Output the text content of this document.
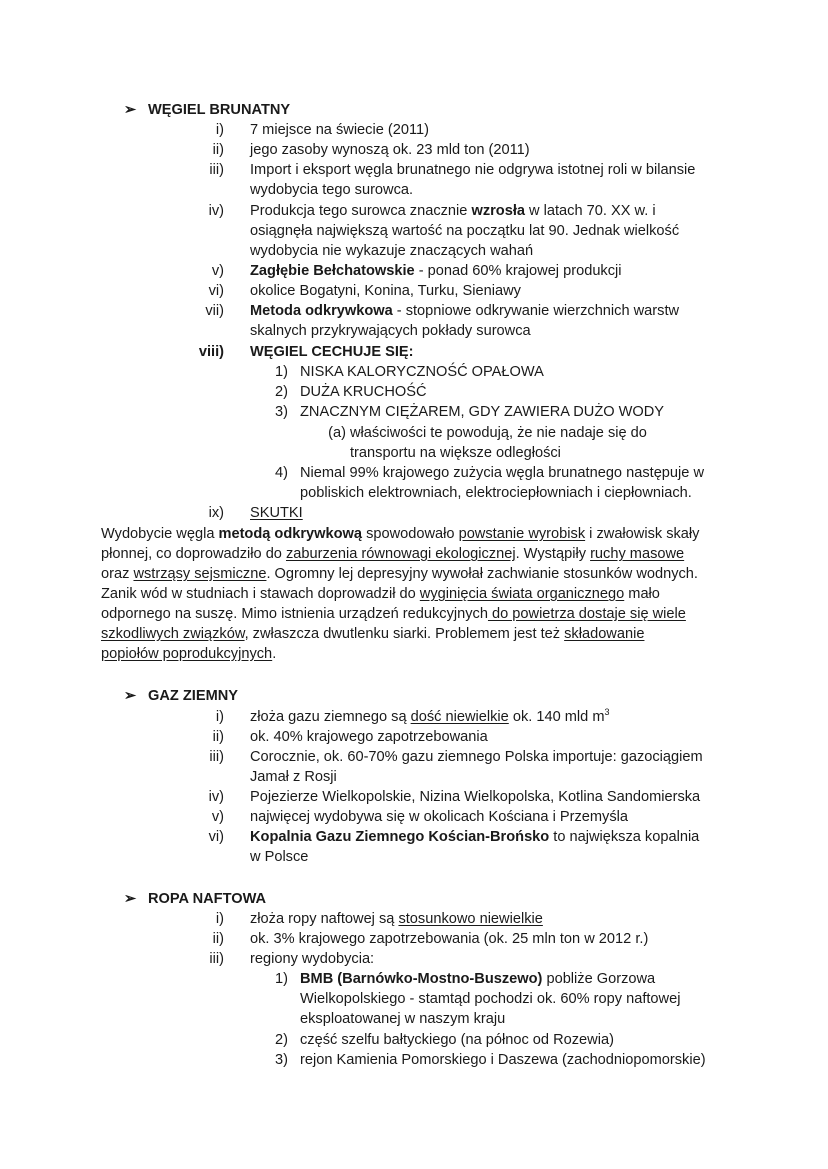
➢ WĘGIEL BRUNATNY
i) 7 miejsce na świecie (2011)
ii) jego zasoby wynoszą ok. 23 mld ton (2011)
iii) Import i eksport węgla brunatnego nie odgrywa istotnej roli w bilansie
wydobycia tego surowca.
iv) Produkcja tego surowca znacznie wzrosła w latach 70. XX w. i
osiągnęła największą wartość na początku lat 90. Jednak wielkość
wydobycia nie wykazuje znaczących wahań
v) Zagłębie Bełchatowskie - ponad 60% krajowej produkcji
vi) okolice Bogatyni, Konina, Turku, Sieniawy
vii) Metoda odkrywkowa - stopniowe odkrywanie wierzchnich warstw
skalnych przykrywających pokłady surowca
viii) WĘGIEL CECHUJE SIĘ:
1) NISKA KALORYCZNOŚĆ OPAŁOWA
2) DUŻA KRUCHOŚĆ
3) ZNACZNYM CIĘŻAREM, GDY ZAWIERA DUŻO WODY
(a) właściwości te powodują, że nie nadaje się do
transportu na większe odległości
4) Niemal 99% krajowego zużycia węgla brunatnego następuje w
pobliskich elektrowniach, elektrociepłowniach i ciepłowniach.
ix) SKUTKI
Wydobycie węgla metodą odkrywkową spowodowało powstanie wyrobisk i zwałowisk skały
płonnej, co doprowadziło do zaburzenia równowagi ekologicznej. Wystąpiły ruchy masowe
oraz wstrząsy sejsmiczne. Ogromny lej depresyjny wywołał zachwianie stosunków wodnych.
Zanik wód w studniach i stawach doprowadził do wyginięcia świata organicznego mało
odpornego na suszę. Mimo istnienia urządzeń redukcyjnych do powietrza dostaje się wiele
szkodliwych związków, zwłaszcza dwutlenku siarki. Problemem jest też składowanie
popiołów poprodukcyjnych.
➢ GAZ ZIEMNY
i) złoża gazu ziemnego są dość niewielkie ok. 140 mld $m^3$
ii) ok. 40% krajowego zapotrzebowania
iii) Corocznie, ok. 60-70% gazu ziemnego Polska importuje: gazociągiem
Jamał z Rosji
iv) Pojezierze Wielkopolskie, Nizina Wielkopolska, Kotlina Sandomierska
v) najwięcej wydobywa się w okolicach Kościana i Przemyśla
vi) Kopalnia Gazu Ziemnego Kościan-Brońsko to największa kopalnia
w Polsce
➢ ROPA NAFTOWA
i) złoża ropy naftowej są stosunkowo niewielkie
ii) ok. 3% krajowego zapotrzebowania (ok. 25 mln ton w 2012 r.)
iii) regiony wydobycia:
1) BMB (Barnówko-Mostno-Buszewo) pobliże Gorzowa
Wielkopolskiego - stamtąd pochodzi ok. 60% ropy naftowej
eksploatowanej w naszym kraju
2) część szelfu bałtyckiego (na północ od Rozewia)
3) rejon Kamienia Pomorskiego i Daszewa (zachodniopomorskie)
